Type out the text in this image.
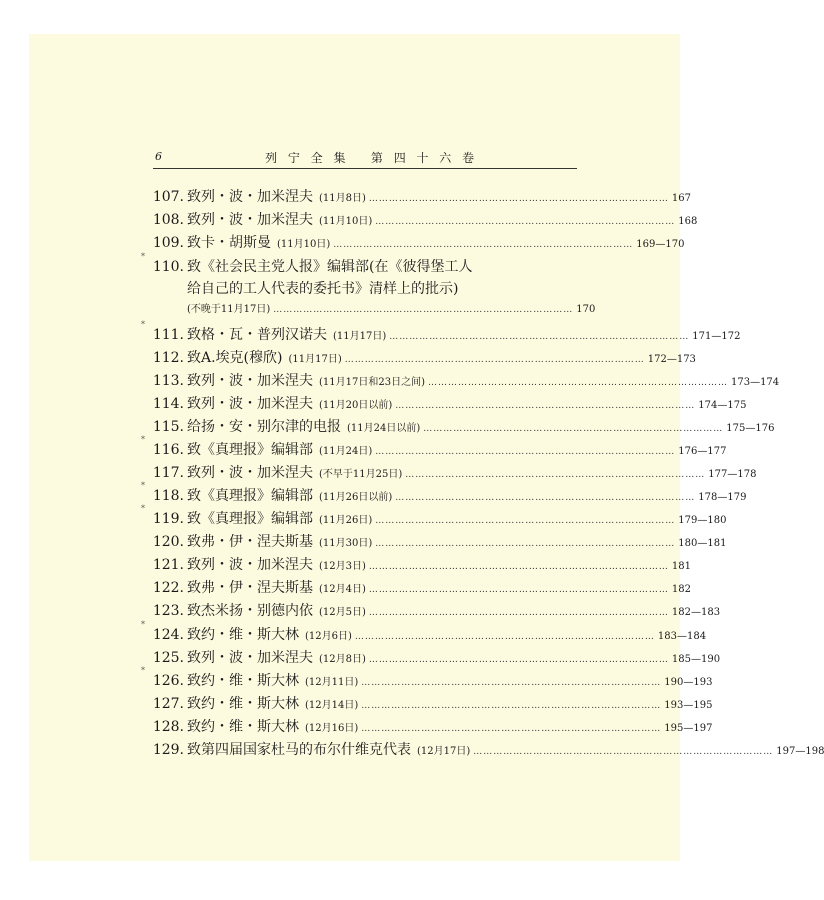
6	列宁全集 第四十六卷
107. 致列・波・加米涅夫 (11月8日) ……………………………………………………………………………… 167
108. 致列・波・加米涅夫 (11月10日) ……………………………………………………………………………… 168
109. 致卡・胡斯曼 (11月10日) ……………………………………………………………………………… 169—170
*
110. 致《社会民主党人报》编辑部(在《彼得堡工人
给自己的工人代表的委托书》清样上的批示)
(不晚于11月17日) ……………………………………………………………………………… 170
*
111. 致格・瓦・普列汉诺夫 (11月17日) ……………………………………………………………………………… 171—172
112. 致A.埃克(穆欣) (11月17日) ……………………………………………………………………………… 172—173
113. 致列・波・加米涅夫 (11月17日和23日之间) ……………………………………………………………………………… 173—174
114. 致列・波・加米涅夫 (11月20日以前) ……………………………………………………………………………… 174—175
115. 给扬・安・别尔津的电报 (11月24日以前) ……………………………………………………………………………… 175—176
*
116. 致《真理报》编辑部 (11月24日) ……………………………………………………………………………… 176—177
117. 致列・波・加米涅夫 (不早于11月25日) ……………………………………………………………………………… 177—178
*
118. 致《真理报》编辑部 (11月26日以前) ……………………………………………………………………………… 178—179
*
119. 致《真理报》编辑部 (11月26日) ……………………………………………………………………………… 179—180
120. 致弗・伊・涅夫斯基 (11月30日) ……………………………………………………………………………… 180—181
121. 致列・波・加米涅夫 (12月3日) ……………………………………………………………………………… 181
122. 致弗・伊・涅夫斯基 (12月4日) ……………………………………………………………………………… 182
123. 致杰米扬・别德内依 (12月5日) ……………………………………………………………………………… 182—183
*
124. 致约・维・斯大林 (12月6日) ……………………………………………………………………………… 183—184
125. 致列・波・加米涅夫 (12月8日) ……………………………………………………………………………… 185—190
*
126. 致约・维・斯大林 (12月11日) ……………………………………………………………………………… 190—193
127. 致约・维・斯大林 (12月14日) ……………………………………………………………………………… 193—195
128. 致约・维・斯大林 (12月16日) ……………………………………………………………………………… 195—197
129. 致第四届国家杜马的布尔什维克代表 (12月17日) ……………………………………………………………………………… 197—198
